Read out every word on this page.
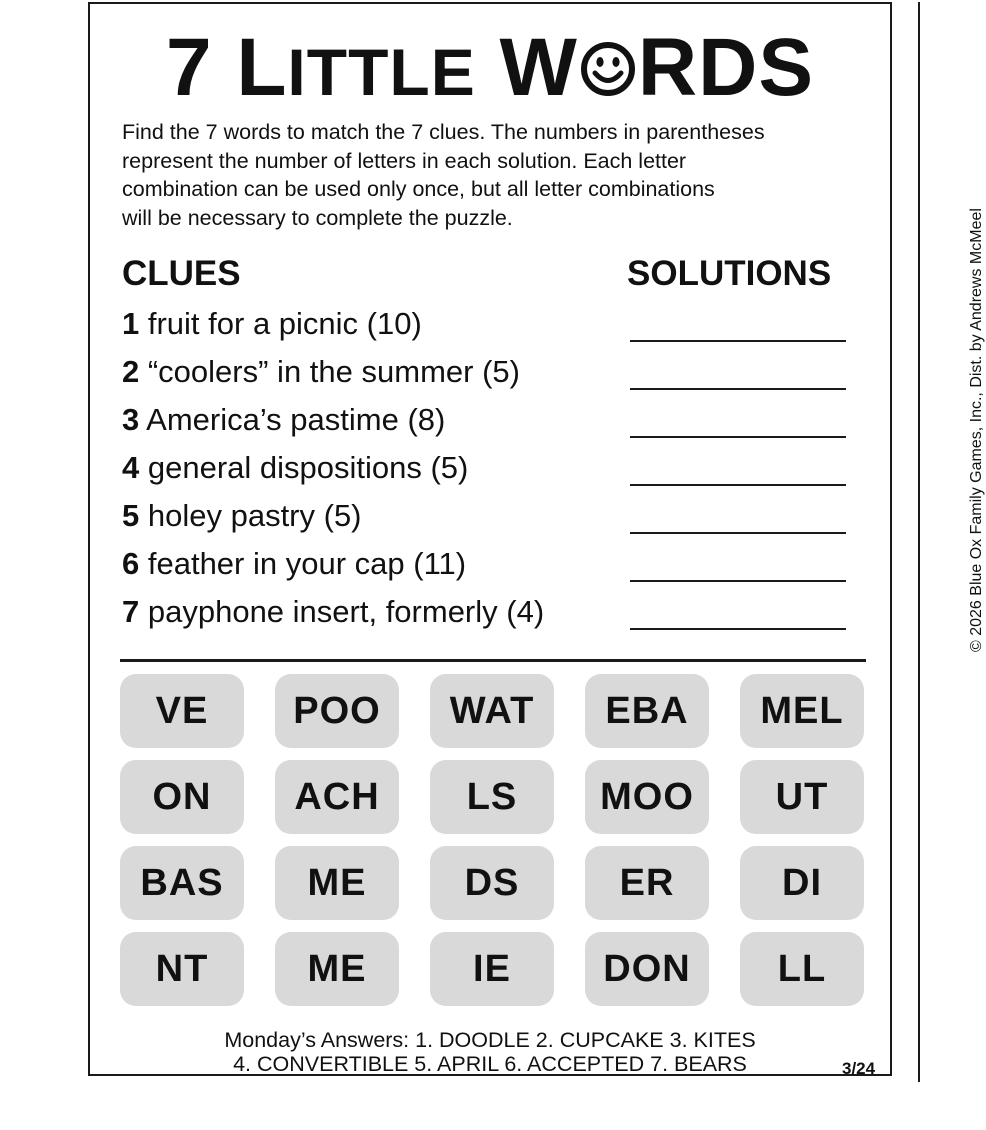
7 LITTLE W RDS
Find the 7 words to match the 7 clues. The numbers in parentheses
represent the number of letters in each solution. Each letter
combination can be used only once, but all letter combinations
will be necessary to complete the puzzle.	© 2026 Blue Ox Family Games, Inc., Dist. by Andrews McMeel
CLUES	SOLUTIONS
1 fruit for a picnic (10)
2 “coolers” in the summer (5)
3 America’s pastime (8)
4 general dispositions (5)
5 holey pastry (5)
6 feather in your cap (11)
7 payphone insert, formerly (4)
VE	POO	WAT	EBA	MEL
ON	ACH	LS	MOO	UT
BAS	ME	DS	ER	DI
NT	ME	IE	DON	LL
Monday’s Answers: 1. DOODLE 2. CUPCAKE 3. KITES
4. CONVERTIBLE 5. APRIL 6. ACCEPTED 7. BEARS	3/24
